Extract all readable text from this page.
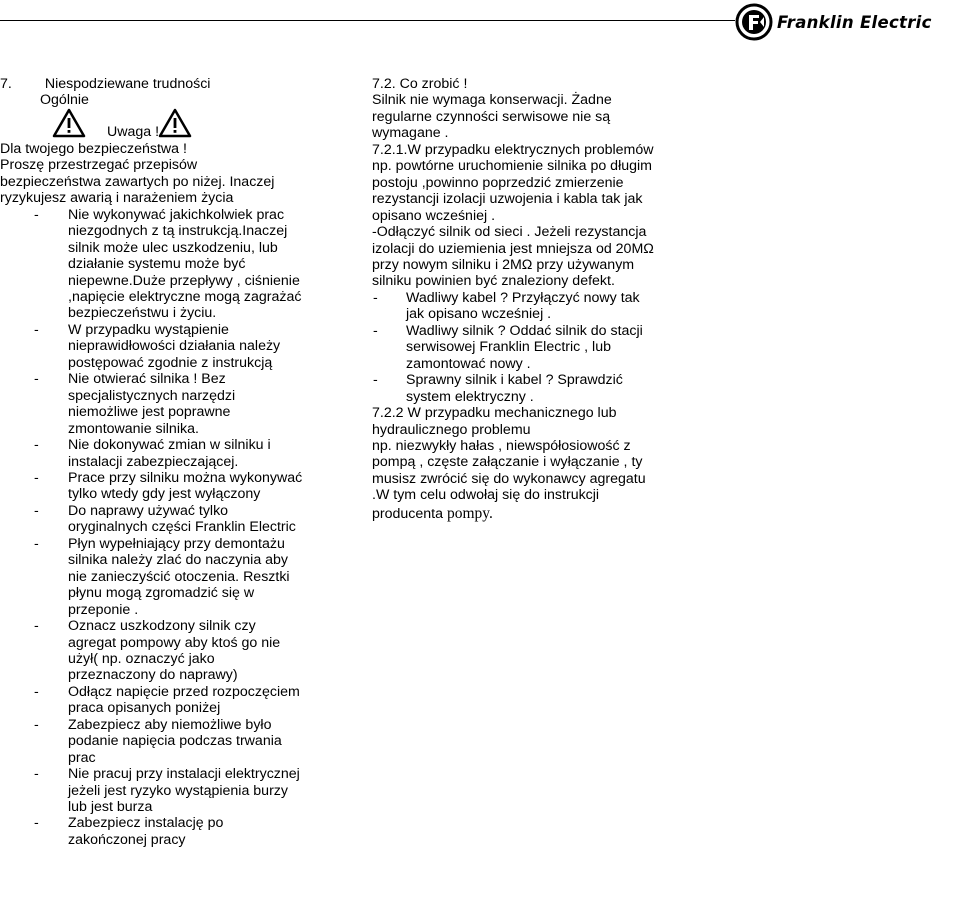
Franklin Electric
7. Niespodziewane trudności
Ogólnie
Uwaga !
Dla twojego bezpieczeństwa !
Proszę przestrzegać przepisów
bezpieczeństwa zawartych po niżej. Inaczej
ryzykujesz awarią i narażeniem życia
- Nie wykonywać jakichkolwiek prac
niezgodnych z tą instrukcją.Inaczej
silnik może ulec uszkodzeniu, lub
działanie systemu może być
niepewne.Duże przepływy , ciśnienie
,napięcie elektryczne mogą zagrażać
bezpieczeństwu i życiu.
- W przypadku wystąpienie
nieprawidłowości działania należy
postępować zgodnie z instrukcją
- Nie otwierać silnika ! Bez
specjalistycznych narzędzi
niemożliwe jest poprawne
zmontowanie silnika.
- Nie dokonywać zmian w silniku i
instalacji zabezpieczającej.
- Prace przy silniku można wykonywać
tylko wtedy gdy jest wyłączony
- Do naprawy używać tylko
oryginalnych części Franklin Electric
- Płyn wypełniający przy demontażu
silnika należy zlać do naczynia aby
nie zanieczyścić otoczenia. Resztki
płynu mogą zgromadzić się w
przeponie .
- Oznacz uszkodzony silnik czy
agregat pompowy aby ktoś go nie
użył( np. oznaczyć jako
przeznaczony do naprawy)
- Odłącz napięcie przed rozpoczęciem
praca opisanych poniżej
- Zabezpiecz aby niemożliwe było
podanie napięcia podczas trwania
prac
- Nie pracuj przy instalacji elektrycznej
jeżeli jest ryzyko wystąpienia burzy
lub jest burza
- Zabezpiecz instalację po
zakończonej pracy
7.2. Co zrobić !
Silnik nie wymaga konserwacji. Żadne
regularne czynności serwisowe nie są
wymagane .
7.2.1.W przypadku elektrycznych problemów
np. powtórne uruchomienie silnika po długim
postoju ,powinno poprzedzić zmierzenie
rezystancji izolacji uzwojenia i kabla tak jak
opisano wcześniej .
-Odłączyć silnik od sieci . Jeżeli rezystancja
izolacji do uziemienia jest mniejsza od 20MΩ
przy nowym silniku i 2MΩ przy używanym
silniku powinien być znaleziony defekt.
- Wadliwy kabel ? Przyłączyć nowy tak
jak opisano wcześniej .
- Wadliwy silnik ? Oddać silnik do stacji
serwisowej Franklin Electric , lub
zamontować nowy .
- Sprawny silnik i kabel ? Sprawdzić
system elektryczny .
7.2.2 W przypadku mechanicznego lub
hydraulicznego problemu
np. niezwykły hałas , niewspółosiowość z
pompą , częste załączanie i wyłączanie , ty
musisz zwrócić się do wykonawcy agregatu
.W tym celu odwołaj się do instrukcji
producenta pompy.
